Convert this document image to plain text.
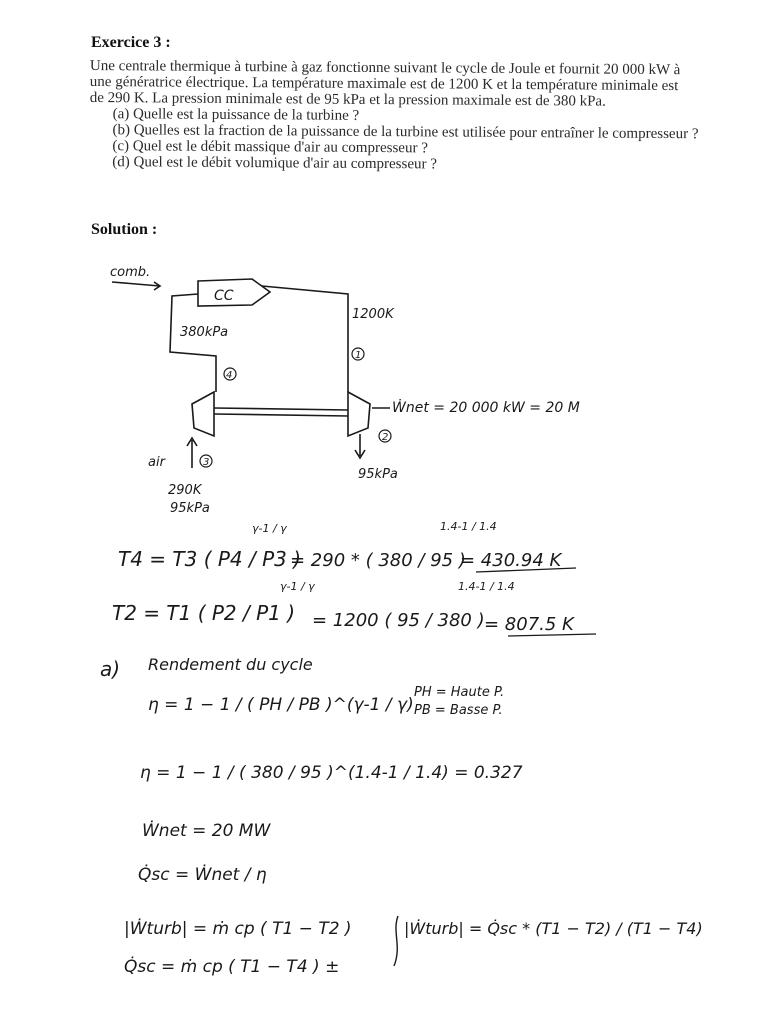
Exercice 3 :

Une centrale thermique à turbine à gaz fonctionne suivant le cycle de Joule et fournit 20 000 kW à

une génératrice électrique. La température maximale est de 1200 K et la température minimale est

de 290 K. La pression minimale est de 95 kPa et la pression maximale est de 380 kPa.

(a) Quelle est la puissance de la turbine ?
(b) Quelles est la fraction de la puissance de la turbine est utilisée pour entraîner le compresseur ?
(c) Quel est le débit massique d'air au compresseur ?
(d) Quel est le débit volumique d'air au compresseur ?
Solution :
comb.
CC
380kPa
1200K
4
1
2
3
Ẇnet = 20 000 kW = 20 M
air
95kPa
290K
95kPa
T4 = T3 ( P4 / P3 )
γ-1 / γ
= 290 * ( 380 / 95 )
1.4-1 / 1.4
= 430.94 K
T2 = T1 ( P2 / P1 )
γ-1 / γ
= 1200 ( 95 / 380 )
1.4-1 / 1.4
= 807.5 K
a) Rendement du cycle
η = 1 − 1 / ( PH / PB )^(γ-1 / γ)
PH = Haute P.
PB = Basse P.
η = 1 − 1 / ( 380 / 95 )^(1.4-1 / 1.4) = 0.327
Ẇnet = 20 MW
Q̇sc = Ẇnet / η
|Ẇturb| = ṁ cp ( T1 − T2 )	|Ẇturb| = Q̇sc * (T1 − T2) / (T1 − T4)
Q̇sc = ṁ cp ( T1 − T4 ) ±
